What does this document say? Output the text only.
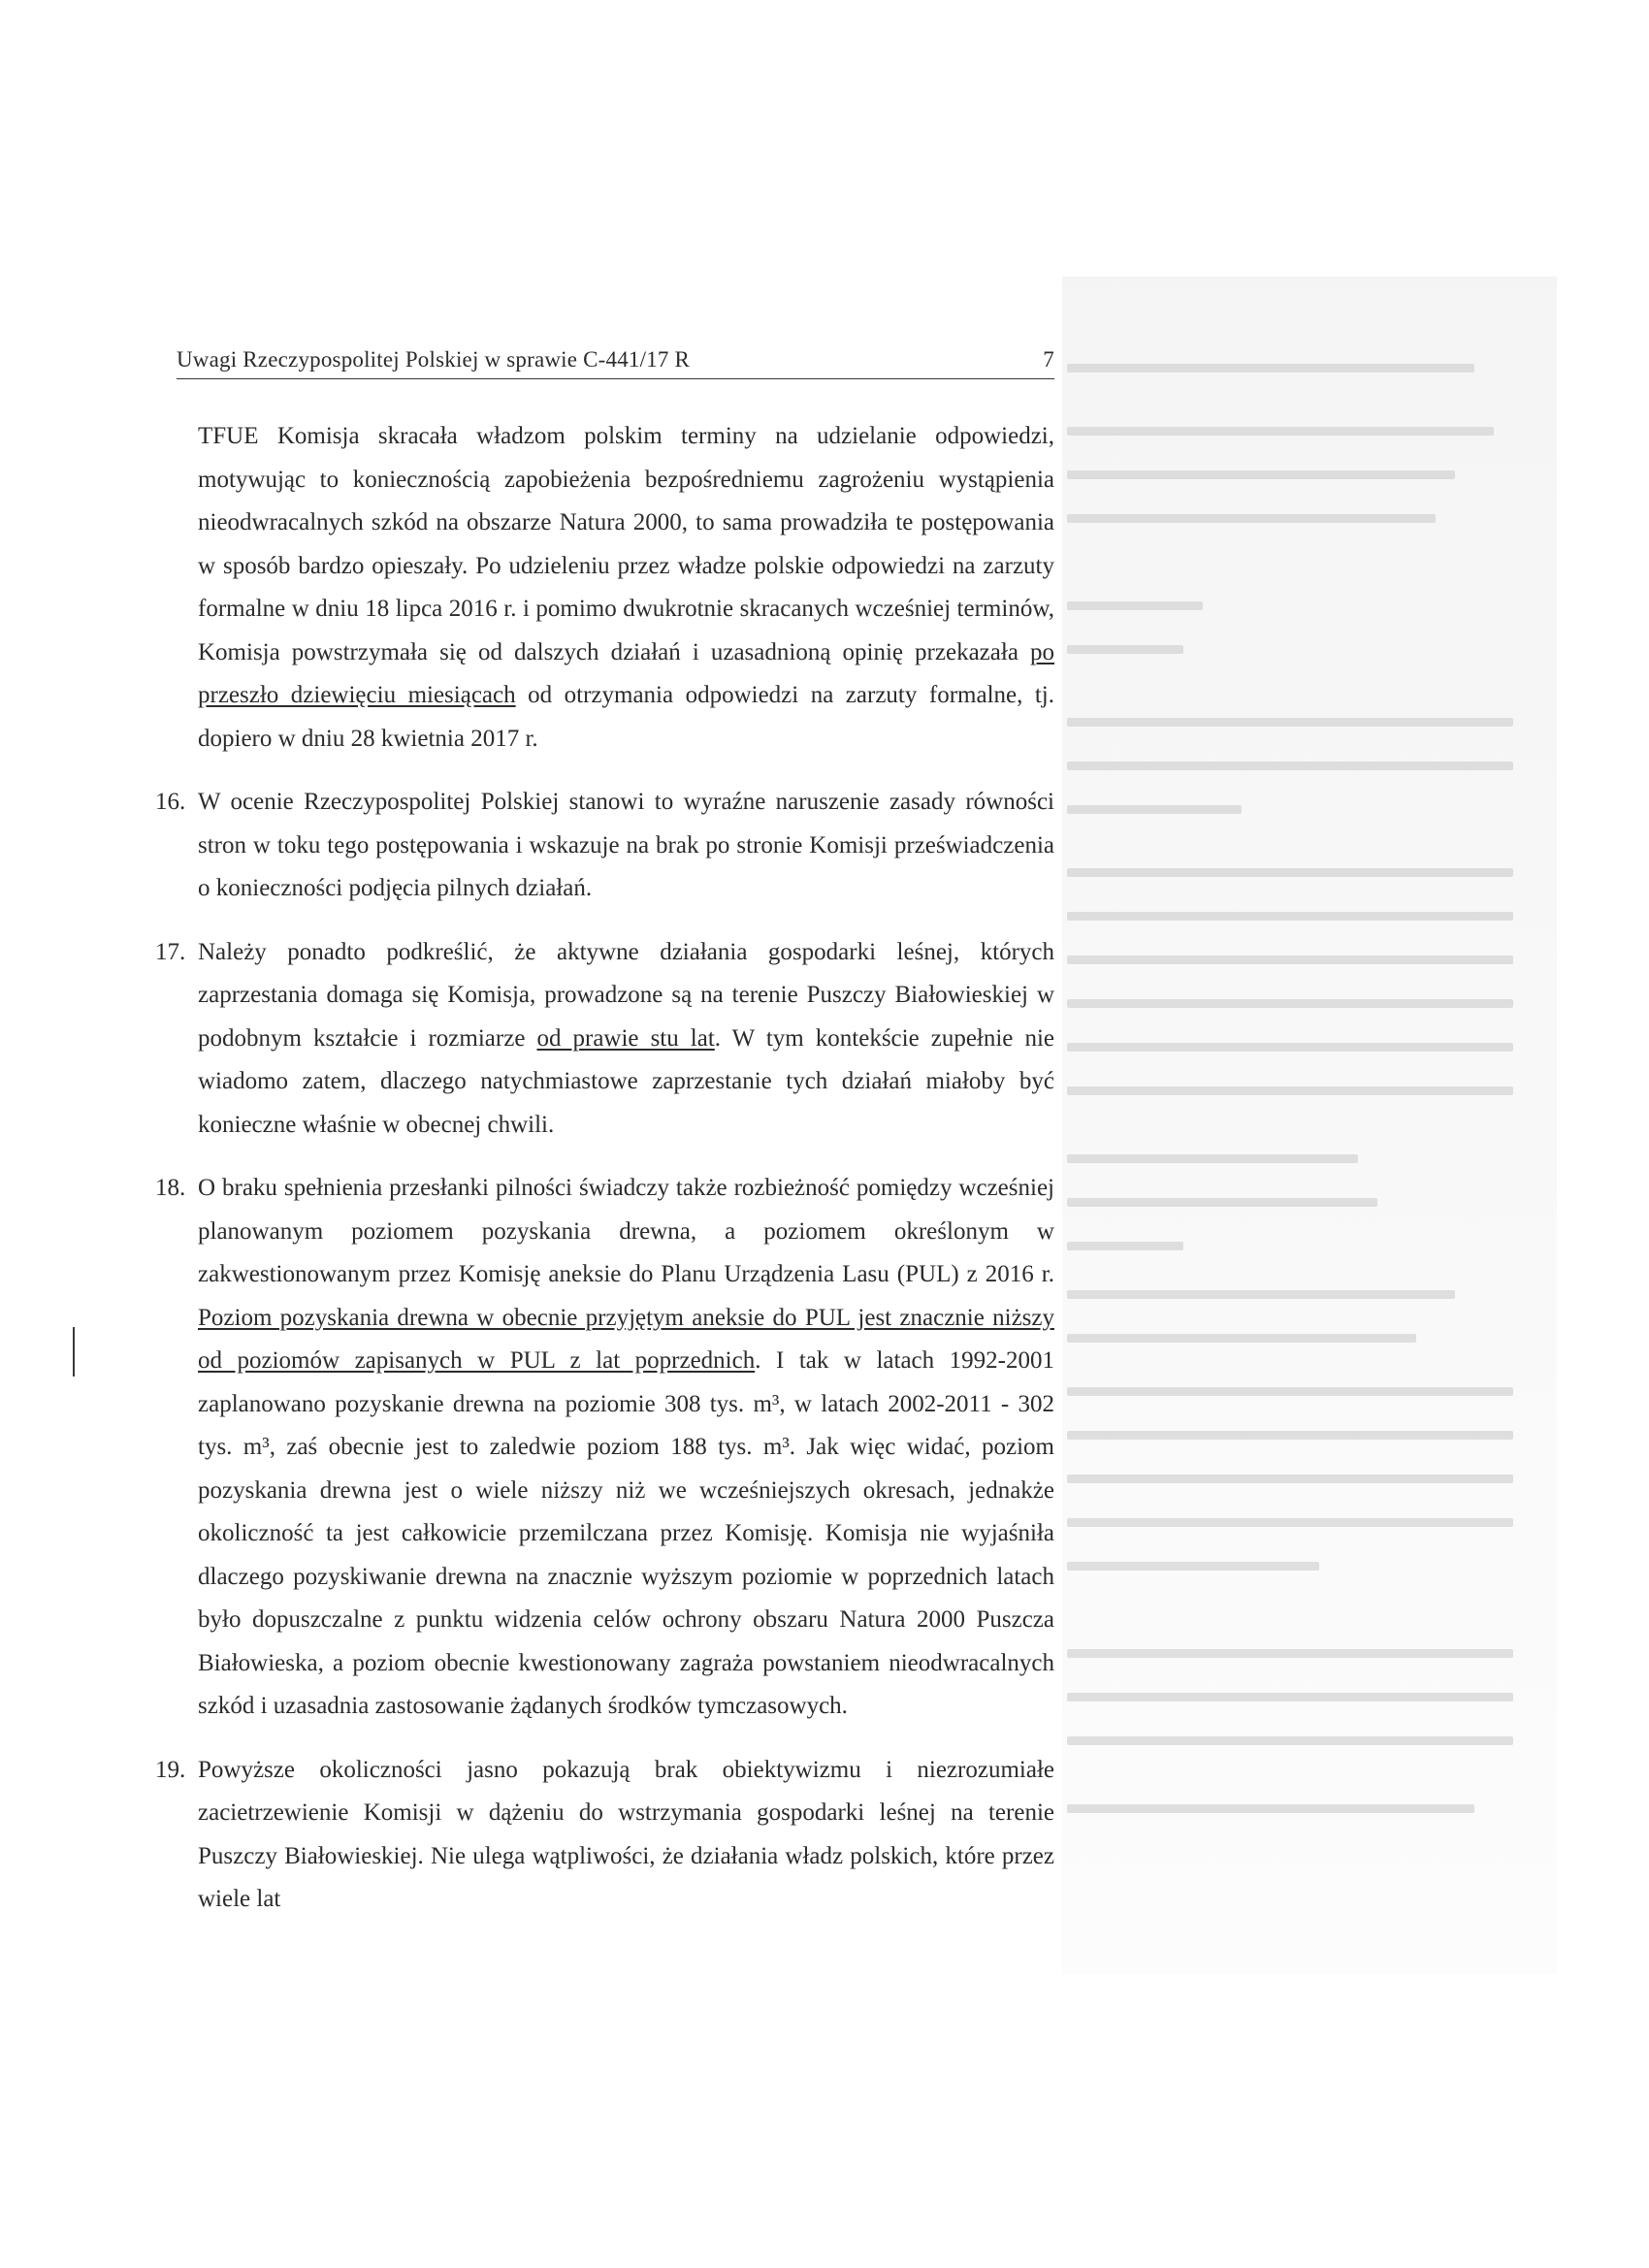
Uwagi Rzeczypospolitej Polskiej w sprawie C-441/17 R	7

TFUE Komisja skracała władzom polskim terminy na udzielanie odpowiedzi, motywując to koniecznością zapobieżenia bezpośredniemu zagrożeniu wystąpienia nieodwracalnych szkód na obszarze Natura 2000, to sama prowadziła te postępowania w sposób bardzo opieszały. Po udzieleniu przez władze polskie odpowiedzi na zarzuty formalne w dniu 18 lipca 2016 r. i pomimo dwukrotnie skracanych wcześniej terminów, Komisja powstrzymała się od dalszych działań i uzasadnioną opinię przekazała po przeszło dziewięciu miesiącach od otrzymania odpowiedzi na zarzuty formalne, tj. dopiero w dniu 28 kwietnia 2017 r.

16. W ocenie Rzeczypospolitej Polskiej stanowi to wyraźne naruszenie zasady równości stron w toku tego postępowania i wskazuje na brak po stronie Komisji przeświadczenia o konieczności podjęcia pilnych działań.

17. Należy ponadto podkreślić, że aktywne działania gospodarki leśnej, których zaprzestania domaga się Komisja, prowadzone są na terenie Puszczy Białowieskiej w podobnym kształcie i rozmiarze od prawie stu lat. W tym kontekście zupełnie nie wiadomo zatem, dlaczego natychmiastowe zaprzestanie tych działań miałoby być konieczne właśnie w obecnej chwili.

18. O braku spełnienia przesłanki pilności świadczy także rozbieżność pomiędzy wcześniej planowanym poziomem pozyskania drewna, a poziomem określonym w zakwestionowanym przez Komisję aneksie do Planu Urządzenia Lasu (PUL) z 2016 r. Poziom pozyskania drewna w obecnie przyjętym aneksie do PUL jest znacznie niższy od poziomów zapisanych w PUL z lat poprzednich. I tak w latach 1992-2001 zaplanowano pozyskanie drewna na poziomie 308 tys. m³, w latach 2002-2011 - 302 tys. m³, zaś obecnie jest to zaledwie poziom 188 tys. m³. Jak więc widać, poziom pozyskania drewna jest o wiele niższy niż we wcześniejszych okresach, jednakże okoliczność ta jest całkowicie przemilczana przez Komisję. Komisja nie wyjaśniła dlaczego pozyskiwanie drewna na znacznie wyższym poziomie w poprzednich latach było dopuszczalne z punktu widzenia celów ochrony obszaru Natura 2000 Puszcza Białowieska, a poziom obecnie kwestionowany zagraża powstaniem nieodwracalnych szkód i uzasadnia zastosowanie żądanych środków tymczasowych.

19. Powyższe okoliczności jasno pokazują brak obiektywizmu i niezrozumiałe zacietrzewienie Komisji w dążeniu do wstrzymania gospodarki leśnej na terenie Puszczy Białowieskiej. Nie ulega wątpliwości, że działania władz polskich, które przez wiele lat
